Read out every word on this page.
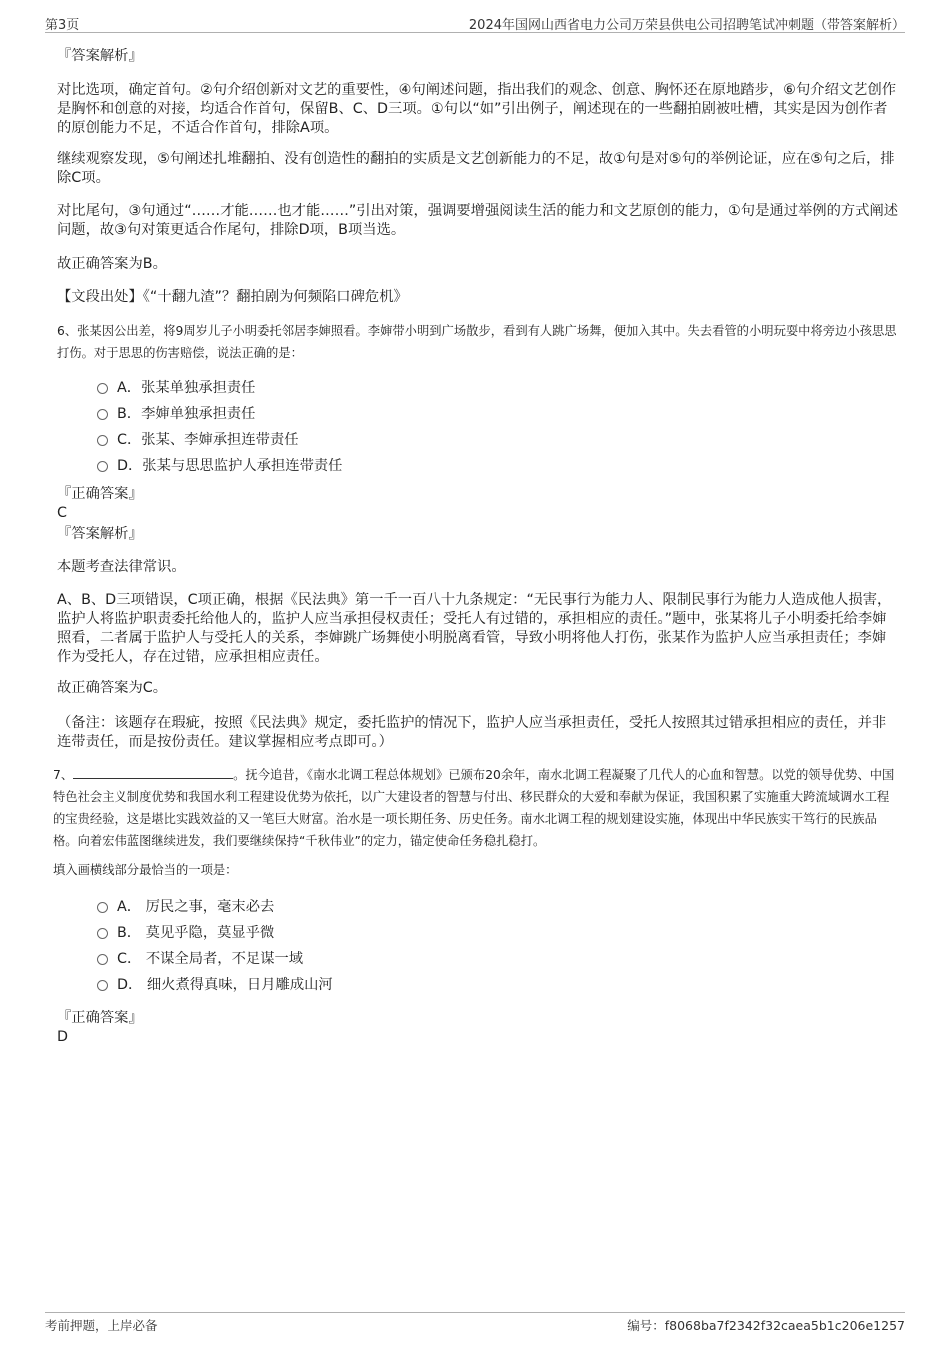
第3页	2024年国网山西省电力公司万荣县供电公司招聘笔试冲刺题（带答案解析）
『答案解析』
对比选项，确定首句。②句介绍创新对文艺的重要性，④句阐述问题，指出我们的观念、创意、胸怀还在原地踏步，⑥句介绍文艺创作是胸怀和创意的对接，均适合作首句，保留B、C、D三项。①句以“如”引出例子，阐述现在的一些翻拍剧被吐槽，其实是因为创作者的原创能力不足，不适合作首句，排除A项。
继续观察发现，⑤句阐述扎堆翻拍、没有创造性的翻拍的实质是文艺创新能力的不足，故①句是对⑤句的举例论证，应在⑤句之后，排除C项。
对比尾句，③句通过“……才能……也才能……”引出对策，强调要增强阅读生活的能力和文艺原创的能力，①句是通过举例的方式阐述问题，故③句对策更适合作尾句，排除D项，B项当选。
故正确答案为B。
【文段出处】《“十翻九渣”？翻拍剧为何频陷口碑危机》
6、张某因公出差，将9周岁儿子小明委托邻居李婶照看。李婶带小明到广场散步，看到有人跳广场舞，便加入其中。失去看管的小明玩耍中将旁边小孩思思打伤。对于思思的伤害赔偿，说法正确的是：
A．张某单独承担责任
B．李婶单独承担责任
C．张某、李婶承担连带责任
D．张某与思思监护人承担连带责任
『正确答案』
C
『答案解析』
本题考查法律常识。
A、B、D三项错误，C项正确，根据《民法典》第一千一百八十九条规定：“无民事行为能力人、限制民事行为能力人造成他人损害，监护人将监护职责委托给他人的，监护人应当承担侵权责任；受托人有过错的，承担相应的责任。”题中，张某将儿子小明委托给李婶照看，二者属于监护人与受托人的关系，李婶跳广场舞使小明脱离看管，导致小明将他人打伤，张某作为监护人应当承担责任；李婶作为受托人，存在过错，应承担相应责任。
故正确答案为C。
（备注：该题存在瑕疵，按照《民法典》规定，委托监护的情况下，监护人应当承担责任，受托人按照其过错承担相应的责任，并非连带责任，而是按份责任。建议掌握相应考点即可。）
7、	。抚今追昔，《南水北调工程总体规划》已颁布20余年，南水北调工程凝聚了几代人的心血和智慧。以党的领导优势、中国特色社会主义制度优势和我国水利工程建设优势为依托，以广大建设者的智慧与付出、移民群众的大爱和奉献为保证，我国积累了实施重大跨流域调水工程的宝贵经验，这是堪比实践效益的又一笔巨大财富。治水是一项长期任务、历史任务。南水北调工程的规划建设实施，体现出中华民族实干笃行的民族品格。向着宏伟蓝图继续进发，我们要继续保持“千秋伟业”的定力，锚定使命任务稳扎稳打。
填入画横线部分最恰当的一项是：
A． 厉民之事，毫末必去
B． 莫见乎隐，莫显乎微
C． 不谋全局者，不足谋一域
D． 细火煮得真味，日月雕成山河
『正确答案』
D
考前押题，上岸必备	编号：f8068ba7f2342f32caea5b1c206e1257
